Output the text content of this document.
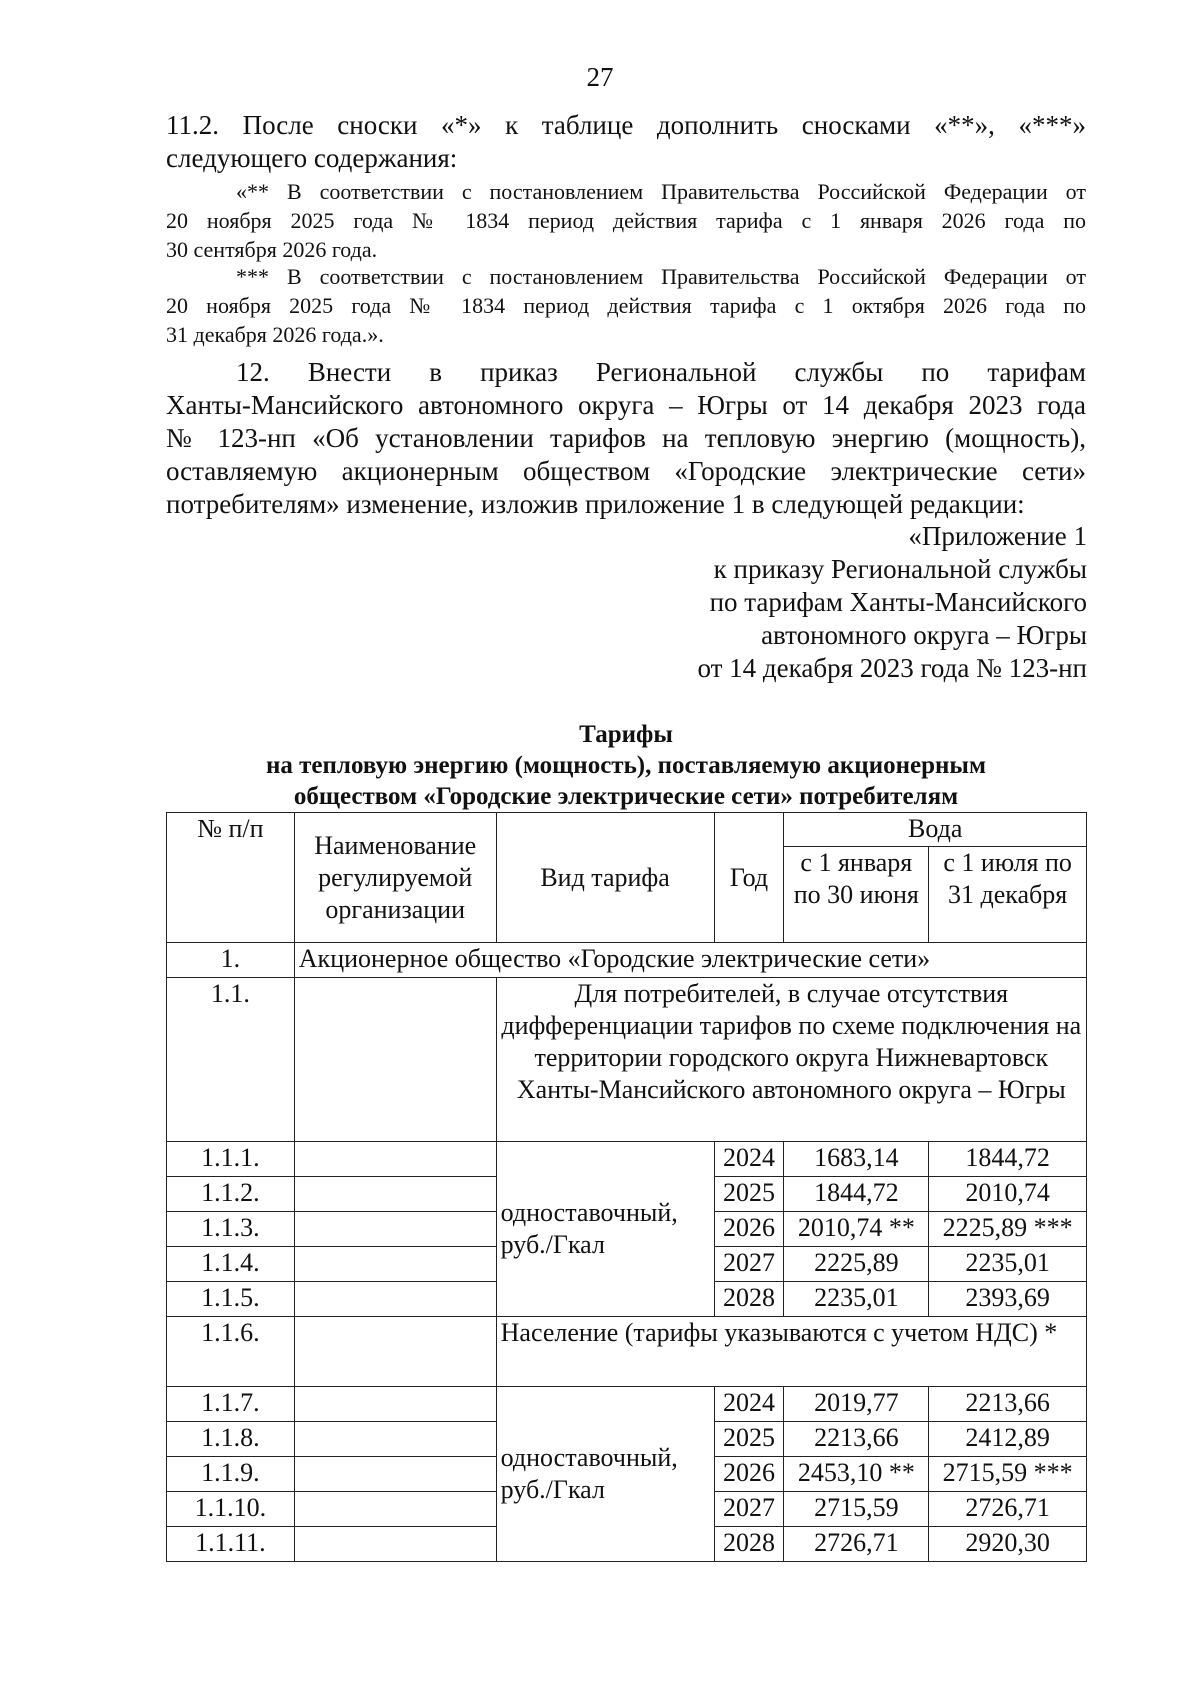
27
11.2. После сноски «*» к таблице дополнить сносками «**», «***»
следующего содержания:
«** В соответствии с постановлением Правительства Российской Федерации от
20 ноября 2025 года № 1834 период действия тарифа с 1 января 2026 года по
30 сентября 2026 года.
*** В соответствии с постановлением Правительства Российской Федерации от
20 ноября 2025 года № 1834 период действия тарифа с 1 октября 2026 года по
31 декабря 2026 года.».
12. Внести в приказ Региональной службы по тарифам
Ханты-Мансийского автономного округа – Югры от 14 декабря 2023 года
№ 123-нп «Об установлении тарифов на тепловую энергию (мощность),
оставляемую акционерным обществом «Городские электрические сети»
потребителям» изменение, изложив приложение 1 в следующей редакции:
«Приложение 1
к приказу Региональной службы
по тарифам Ханты-Мансийского
автономного округа – Югры
от 14 декабря 2023 года № 123-нп
Тарифы
на тепловую энергию (мощность), поставляемую акционерным
обществом «Городские электрические сети» потребителям
№ п/п	Наименование регулируемой организации	Вид тарифа	Год	Вода	
				с 1 января по 30 июня	с 1 июля по 31 декабря
1.	Акционерное общество «Городские электрические сети»				
1.1.		Для потребителей, в случае отсутствия дифференциации тарифов по схеме подключения на территории городского округа Нижневартовск Ханты-Мансийского автономного округа – Югры			
1.1.1.		одноставочный, руб./Гкал	2024	1683,14	1844,72
1.1.2.			2025	1844,72	2010,74
1.1.3.			2026	2010,74 **	2225,89 ***
1.1.4.			2027	2225,89	2235,01
1.1.5.			2028	2235,01	2393,69
1.1.6.		Население (тарифы указываются с учетом НДС) *			
1.1.7.		одноставочный, руб./Гкал	2024	2019,77	2213,66
1.1.8.			2025	2213,66	2412,89
1.1.9.			2026	2453,10 **	2715,59 ***
1.1.10.			2027	2715,59	2726,71
1.1.11.			2028	2726,71	2920,30
